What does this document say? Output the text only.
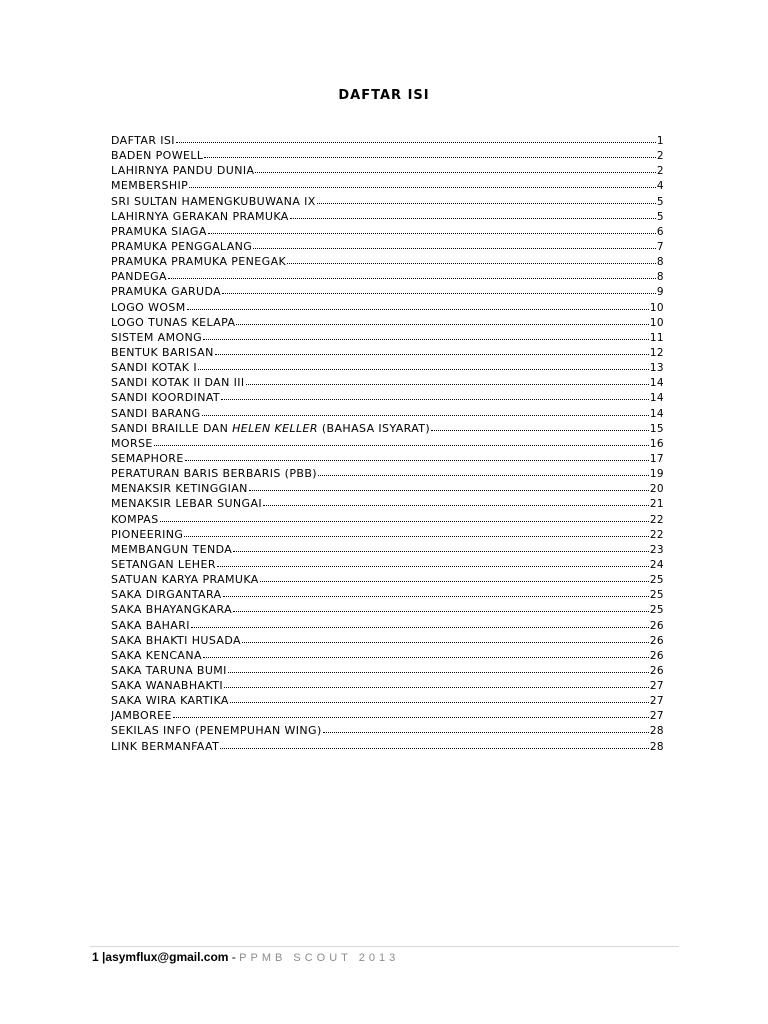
DAFTAR ISI
DAFTAR ISI	1
BADEN POWELL	2
LAHIRNYA PANDU DUNIA	2
MEMBERSHIP	4
SRI SULTAN HAMENGKUBUWANA IX	5
LAHIRNYA GERAKAN PRAMUKA	5
PRAMUKA SIAGA	6
PRAMUKA PENGGALANG	7
PRAMUKA PRAMUKA PENEGAK	8
PANDEGA	8
PRAMUKA GARUDA	9
LOGO WOSM	10
LOGO TUNAS KELAPA	10
SISTEM AMONG	11
BENTUK BARISAN	12
SANDI KOTAK I	13
SANDI KOTAK II DAN III	14
SANDI KOORDINAT	14
SANDI BARANG	14
SANDI BRAILLE DAN HELEN KELLER (BAHASA ISYARAT)	15
MORSE	16
SEMAPHORE	17
PERATURAN BARIS BERBARIS (PBB)	19
MENAKSIR KETINGGIAN	20
MENAKSIR LEBAR SUNGAI	21
KOMPAS	22
PIONEERING	22
MEMBANGUN TENDA	23
SETANGAN LEHER	24
SATUAN KARYA PRAMUKA	25
SAKA DIRGANTARA	25
SAKA BHAYANGKARA	25
SAKA BAHARI	26
SAKA BHAKTI HUSADA	26
SAKA KENCANA	26
SAKA TARUNA BUMI	26
SAKA WANABHAKTI	27
SAKA WIRA KARTIKA	27
JAMBOREE	27
SEKILAS INFO (PENEMPUHAN WING)	28
LINK BERMANFAAT	28
1 |asymflux@gmail.com - PPMB SCOUT 2013
